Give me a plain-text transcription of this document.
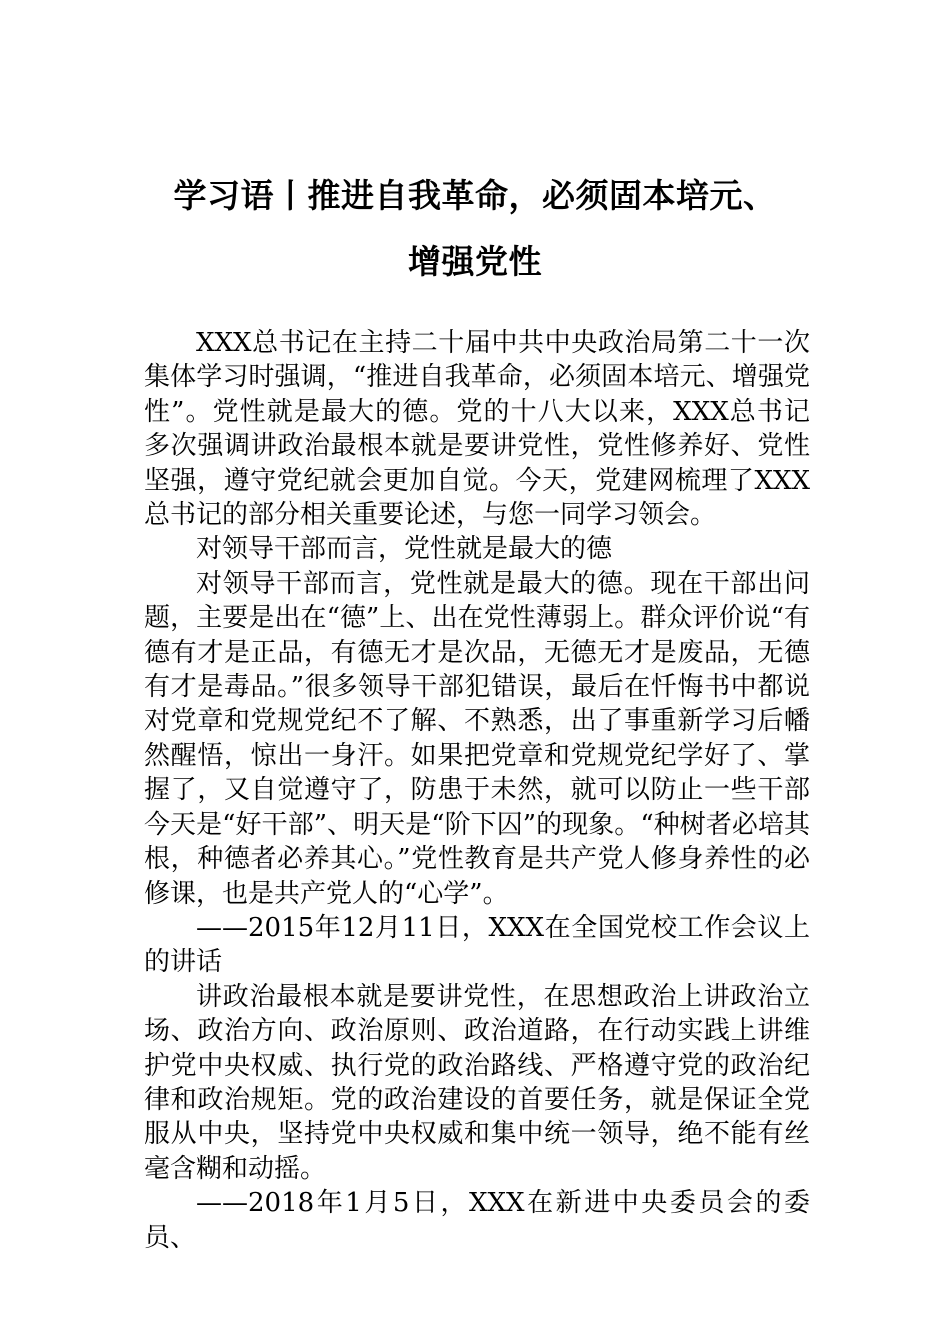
学习语丨推进自我革命，必须固本培元、
增强党性

XXX总书记在主持二十届中共中央政治局第二十一次集体学习时强调，“推进自我革命，必须固本培元、增强党性”。党性就是最大的德。党的十八大以来，XXX总书记多次强调讲政治最根本就是要讲党性，党性修养好、党性坚强，遵守党纪就会更加自觉。今天，党建网梳理了XXX总书记的部分相关重要论述，与您一同学习领会。

对领导干部而言，党性就是最大的德

对领导干部而言，党性就是最大的德。现在干部出问题，主要是出在“德”上、出在党性薄弱上。群众评价说“有德有才是正品，有德无才是次品，无德无才是废品，无德有才是毒品。”很多领导干部犯错误，最后在忏悔书中都说对党章和党规党纪不了解、不熟悉，出了事重新学习后幡然醒悟，惊出一身汗。如果把党章和党规党纪学好了、掌握了，又自觉遵守了，防患于未然，就可以防止一些干部今天是“好干部”、明天是“阶下囚”的现象。“种树者必培其根，种德者必养其心。”党性教育是共产党人修身养性的必修课，也是共产党人的“心学”。

——2015年12月11日，XXX在全国党校工作会议上的讲话

讲政治最根本就是要讲党性，在思想政治上讲政治立场、政治方向、政治原则、政治道路，在行动实践上讲维护党中央权威、执行党的政治路线、严格遵守党的政治纪律和政治规矩。党的政治建设的首要任务，就是保证全党服从中央，坚持党中央权威和集中统一领导，绝不能有丝毫含糊和动摇。

——2018年1月5日，XXX在新进中央委员会的委员、
